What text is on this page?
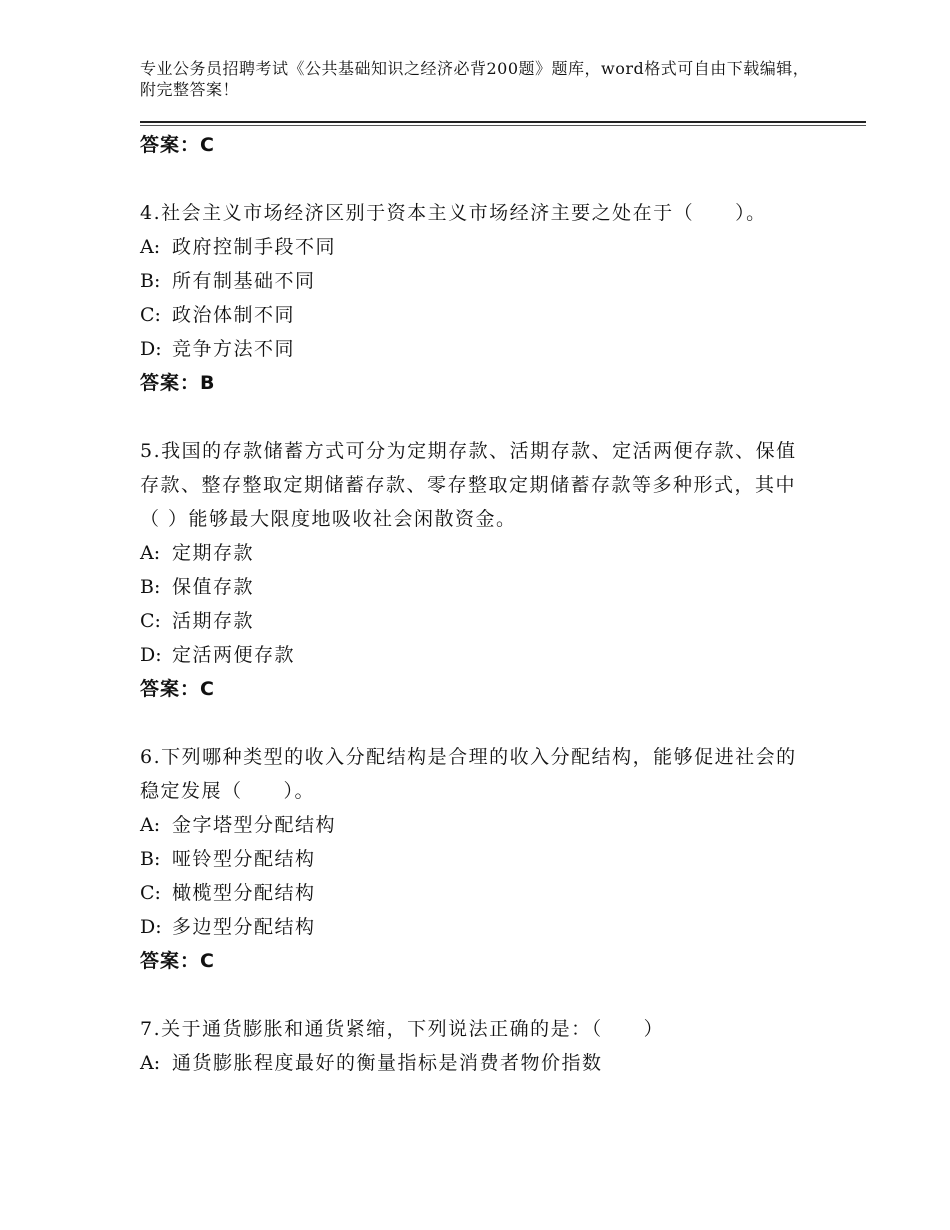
专业公务员招聘考试《公共基础知识之经济必背200题》题库，word格式可自由下载编辑，附完整答案！
答案：C
4.社会主义市场经济区别于资本主义市场经济主要之处在于（　　）。
A: 政府控制手段不同
B: 所有制基础不同
C: 政治体制不同
D: 竞争方法不同
答案：B
5.我国的存款储蓄方式可分为定期存款、活期存款、定活两便存款、保值存款、整存整取定期储蓄存款、零存整取定期储蓄存款等多种形式，其中（ ）能够最大限度地吸收社会闲散资金。
A: 定期存款
B: 保值存款
C: 活期存款
D: 定活两便存款
答案：C
6.下列哪种类型的收入分配结构是合理的收入分配结构，能够促进社会的稳定发展（　　）。
A: 金字塔型分配结构
B: 哑铃型分配结构
C: 橄榄型分配结构
D: 多边型分配结构
答案：C
7.关于通货膨胀和通货紧缩，下列说法正确的是：（　　）
A: 通货膨胀程度最好的衡量指标是消费者物价指数
